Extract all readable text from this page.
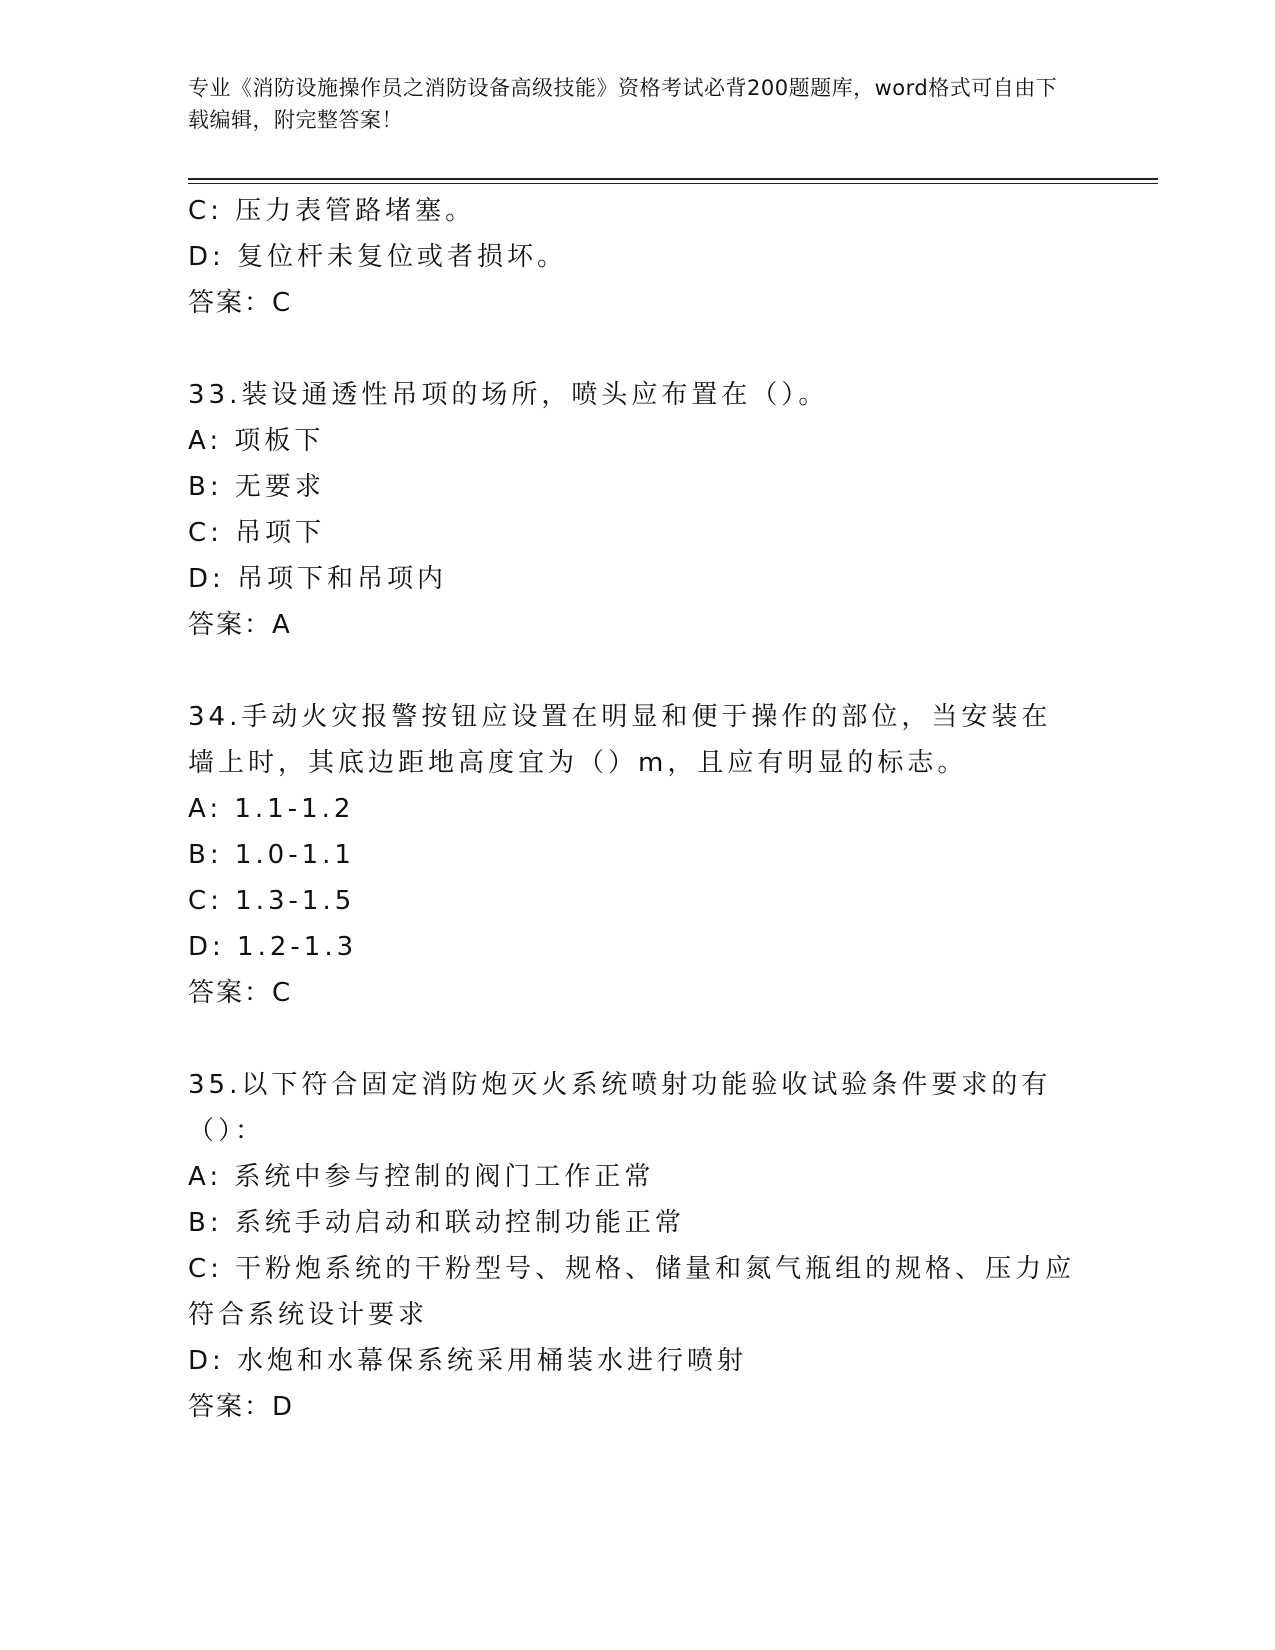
专业《消防设施操作员之消防设备高级技能》资格考试必背200题题库，word格式可自由下载编辑，附完整答案！
C: 压力表管路堵塞。
D: 复位杆未复位或者损坏。
答案：C
33.装设通透性吊项的场所，喷头应布置在（）。
A: 项板下
B: 无要求
C: 吊项下
D: 吊项下和吊项内
答案：A
34.手动火灾报警按钮应设置在明显和便于操作的部位，当安装在墙上时，其底边距地高度宜为（）m，且应有明显的标志。
A: 1.1-1.2
B: 1.0-1.1
C: 1.3-1.5
D: 1.2-1.3
答案：C
35.以下符合固定消防炮灭火系统喷射功能验收试验条件要求的有（）：
A: 系统中参与控制的阀门工作正常
B: 系统手动启动和联动控制功能正常
C: 干粉炮系统的干粉型号、规格、储量和氮气瓶组的规格、压力应符合系统设计要求
D: 水炮和水幕保系统采用桶装水进行喷射
答案：D
